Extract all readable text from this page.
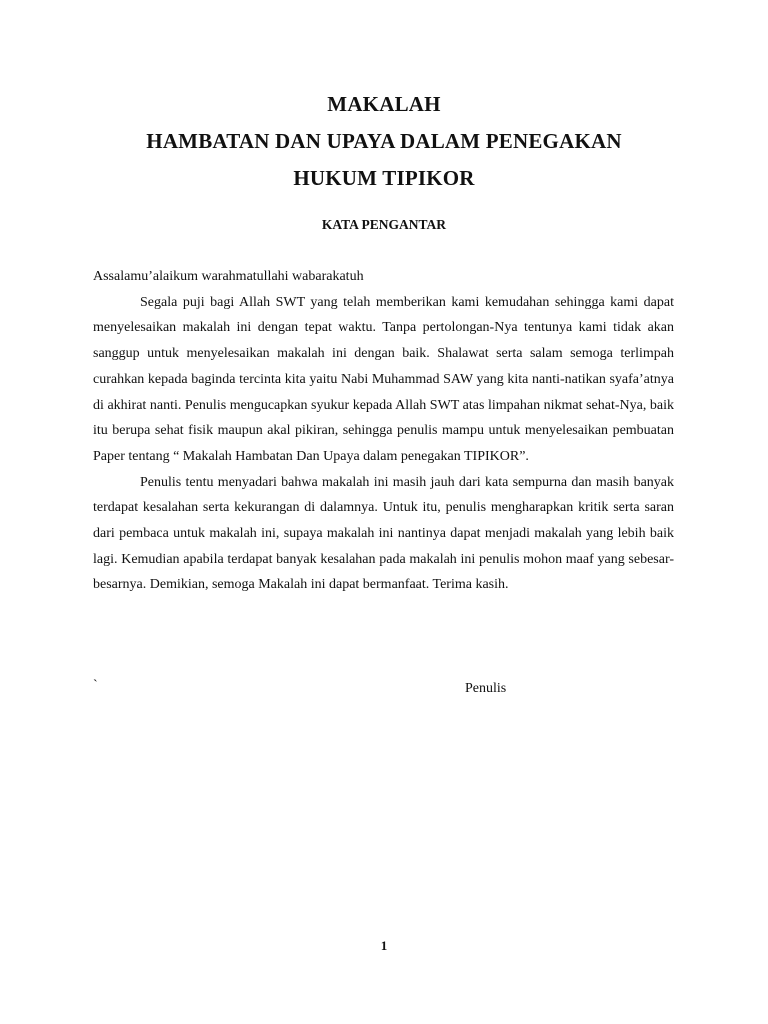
MAKALAH

HAMBATAN DAN UPAYA DALAM PENEGAKAN

HUKUM TIPIKOR

KATA PENGANTAR

Assalamu’alaikum warahmatullahi wabarakatuh

Segala puji bagi Allah SWT yang telah memberikan kami kemudahan sehingga kami dapat menyelesaikan makalah ini dengan tepat waktu. Tanpa pertolongan-Nya tentunya kami tidak akan sanggup untuk menyelesaikan makalah ini dengan baik. Shalawat serta salam semoga terlimpah curahkan kepada baginda tercinta kita yaitu Nabi Muhammad SAW yang kita nanti-natikan syafa’atnya di akhirat nanti. Penulis mengucapkan syukur kepada Allah SWT atas limpahan nikmat sehat-Nya, baik itu berupa sehat fisik maupun akal pikiran, sehingga penulis mampu untuk menyelesaikan pembuatan Paper tentang “ Makalah Hambatan Dan Upaya dalam penegakan TIPIKOR”.

Penulis tentu menyadari bahwa makalah ini masih jauh dari kata sempurna dan masih banyak terdapat kesalahan serta kekurangan di dalamnya. Untuk itu, penulis mengharapkan kritik serta saran dari pembaca untuk makalah ini, supaya makalah ini nantinya dapat menjadi makalah yang lebih baik lagi. Kemudian apabila terdapat banyak kesalahan pada makalah ini penulis mohon maaf yang sebesar-besarnya. Demikian, semoga Makalah ini dapat bermanfaat. Terima kasih.

`	Penulis
1
